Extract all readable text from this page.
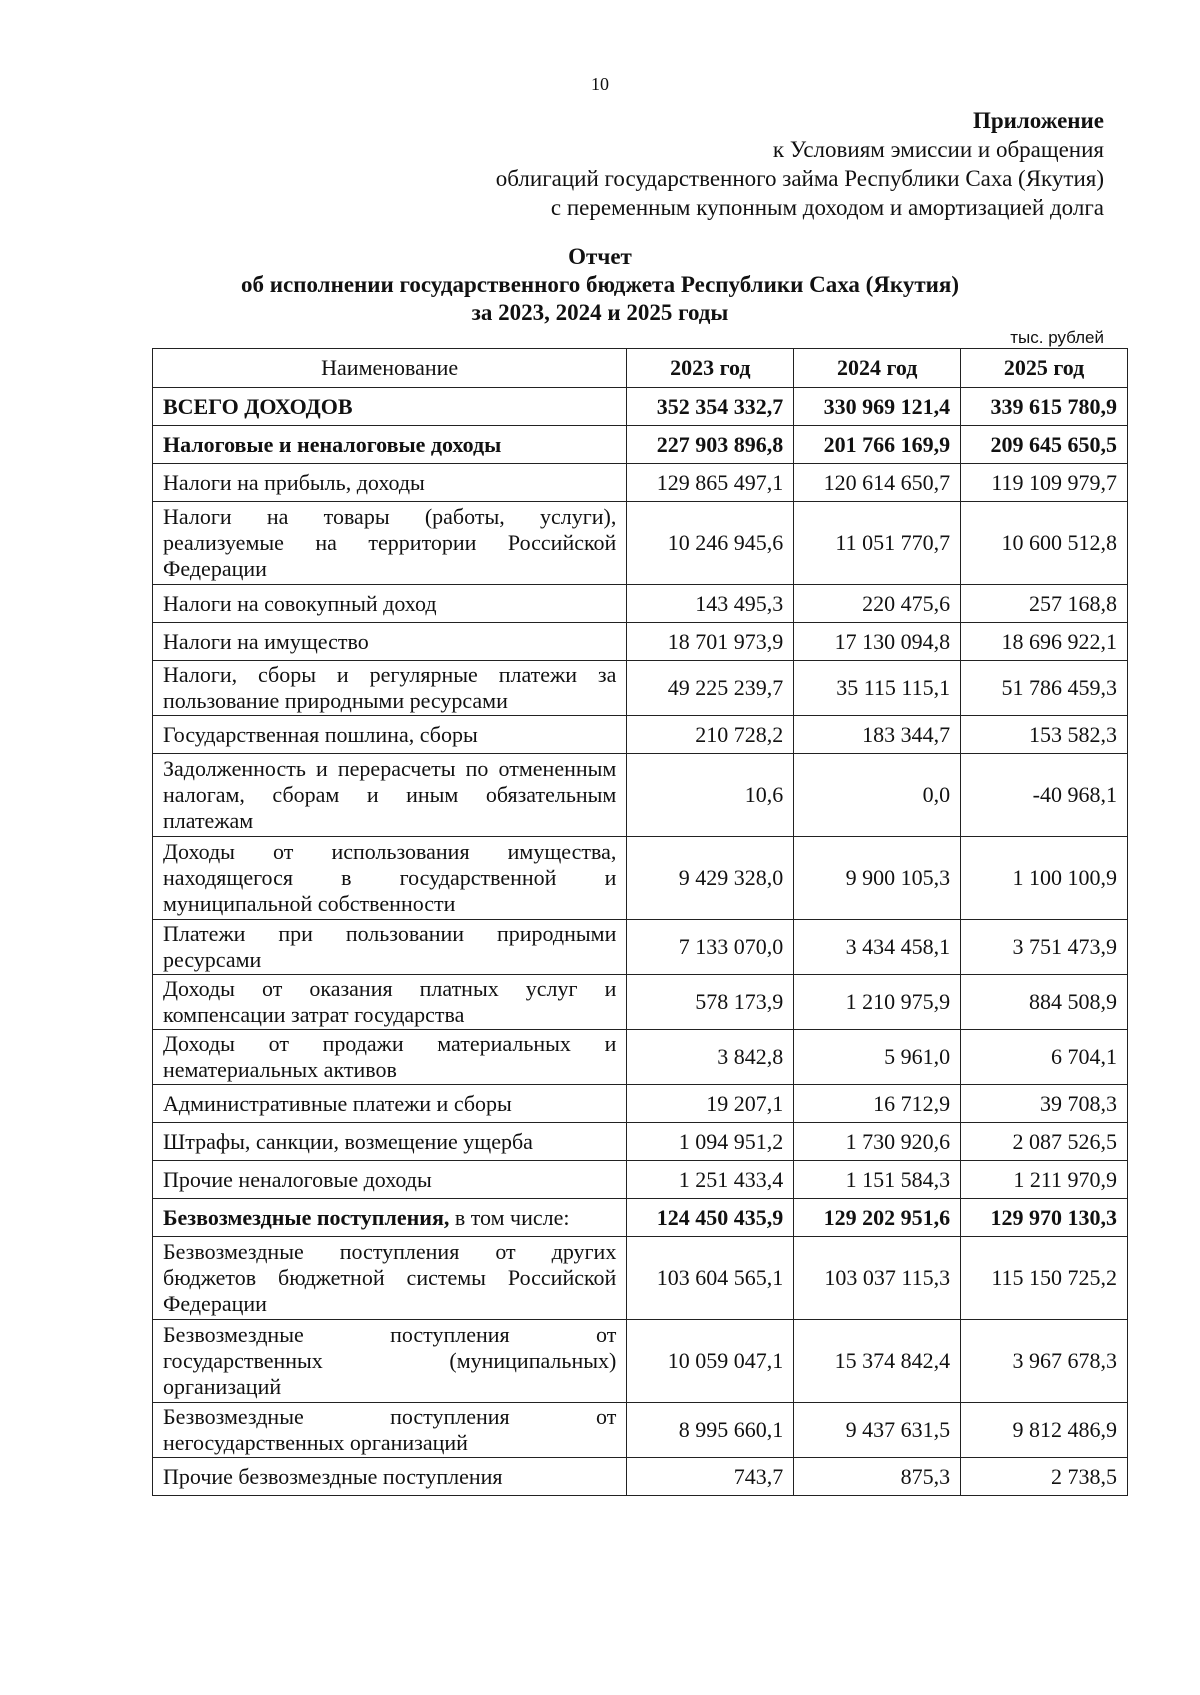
10
Приложение
к Условиям эмиссии и обращения
облигаций государственного займа Республики Саха (Якутия)
с переменным купонным доходом и амортизацией долга
Отчет
об исполнении государственного бюджета Республики Саха (Якутия)
за 2023, 2024 и 2025 годы
тыс. рублей
Наименование	2023 год	2024 год	2025 год
ВСЕГО ДОХОДОВ	352 354 332,7	330 969 121,4	339 615 780,9
Налоговые и неналоговые доходы	227 903 896,8	201 766 169,9	209 645 650,5
Налоги на прибыль, доходы	129 865 497,1	120 614 650,7	119 109 979,7
Налоги на товары (работы, услуги), реализуемые на территории Российской Федерации	10 246 945,6	11 051 770,7	10 600 512,8
Налоги на совокупный доход	143 495,3	220 475,6	257 168,8
Налоги на имущество	18 701 973,9	17 130 094,8	18 696 922,1
Налоги, сборы и регулярные платежи за пользование природными ресурсами	49 225 239,7	35 115 115,1	51 786 459,3
Государственная пошлина, сборы	210 728,2	183 344,7	153 582,3
Задолженность и перерасчеты по отмененным налогам, сборам и иным обязательным платежам	10,6	0,0	-40 968,1
Доходы от использования имущества, находящегося в государственной и муниципальной собственности	9 429 328,0	9 900 105,3	1 100 100,9
Платежи при пользовании природными ресурсами	7 133 070,0	3 434 458,1	3 751 473,9
Доходы от оказания платных услуг и компенсации затрат государства	578 173,9	1 210 975,9	884 508,9
Доходы от продажи материальных и нематериальных активов	3 842,8	5 961,0	6 704,1
Административные платежи и сборы	19 207,1	16 712,9	39 708,3
Штрафы, санкции, возмещение ущерба	1 094 951,2	1 730 920,6	2 087 526,5
Прочие неналоговые доходы	1 251 433,4	1 151 584,3	1 211 970,9
Безвозмездные поступления, в том числе:	124 450 435,9	129 202 951,6	129 970 130,3
Безвозмездные поступления от других бюджетов бюджетной системы Российской Федерации	103 604 565,1	103 037 115,3	115 150 725,2
Безвозмездные поступления от государственных (муниципальных) организаций	10 059 047,1	15 374 842,4	3 967 678,3
Безвозмездные поступления от негосударственных организаций	8 995 660,1	9 437 631,5	9 812 486,9
Прочие безвозмездные поступления	743,7	875,3	2 738,5
